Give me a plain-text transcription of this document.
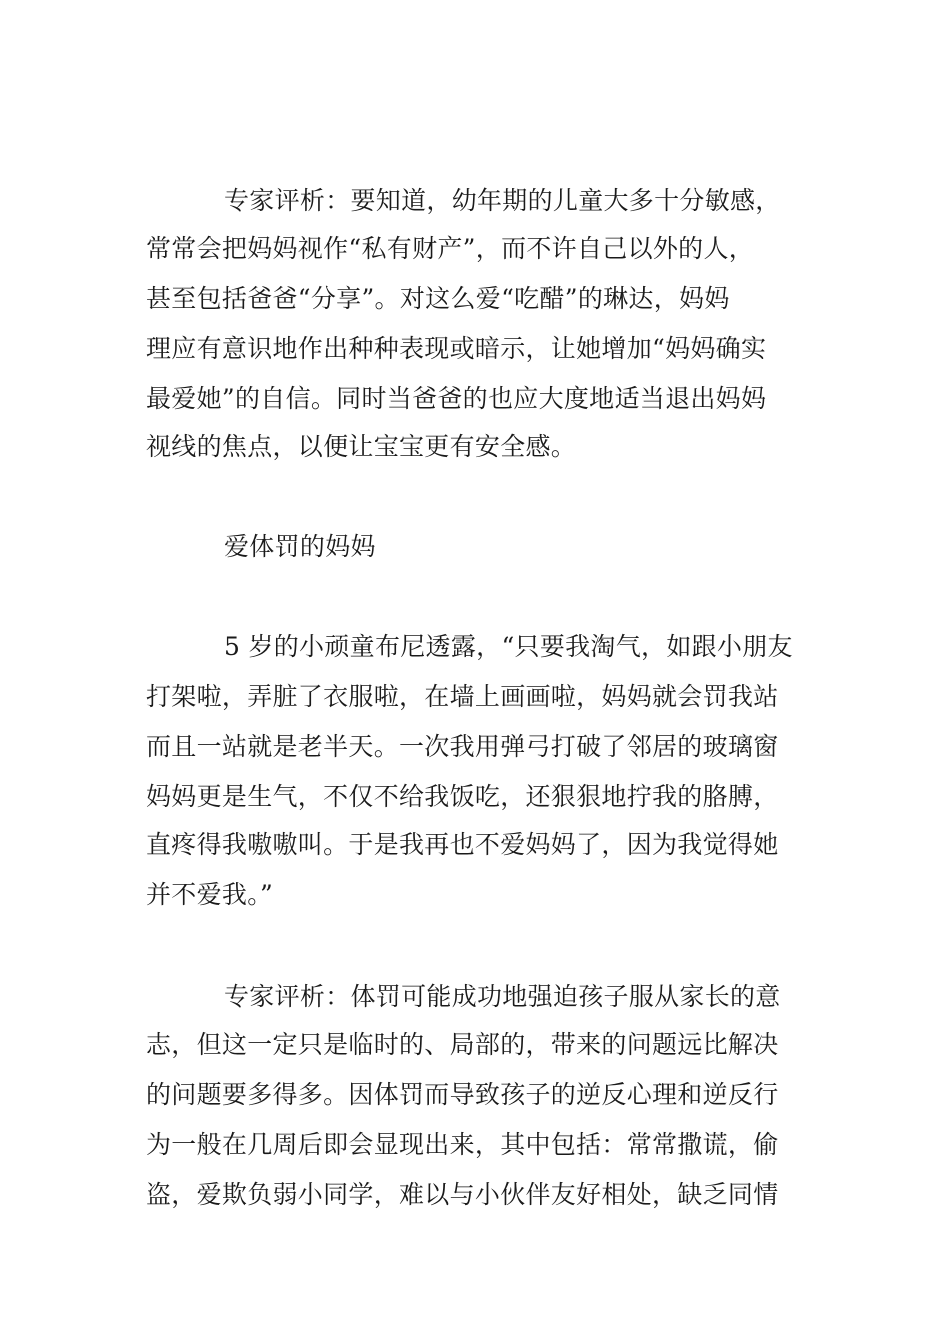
专家评析：要知道，幼年期的儿童大多十分敏感，
常常会把妈妈视作“私有财产”，而不许自己以外的人，
甚至包括爸爸“分享”。对这么爱“吃醋”的琳达，妈妈
理应有意识地作出种种表现或暗示，让她增加“妈妈确实
最爱她”的自信。同时当爸爸的也应大度地适当退出妈妈
视线的焦点，以便让宝宝更有安全感。
爱体罚的妈妈
5 岁的小顽童布尼透露，“只要我淘气，如跟小朋友
打架啦，弄脏了衣服啦，在墙上画画啦，妈妈就会罚我站
而且一站就是老半天。一次我用弹弓打破了邻居的玻璃窗
妈妈更是生气，不仅不给我饭吃，还狠狠地拧我的胳膊，
直疼得我嗷嗷叫。于是我再也不爱妈妈了，因为我觉得她
并不爱我。”
专家评析：体罚可能成功地强迫孩子服从家长的意
志，但这一定只是临时的、局部的，带来的问题远比解决
的问题要多得多。因体罚而导致孩子的逆反心理和逆反行
为一般在几周后即会显现出来，其中包括：常常撒谎，偷
盗，爱欺负弱小同学，难以与小伙伴友好相处，缺乏同情
